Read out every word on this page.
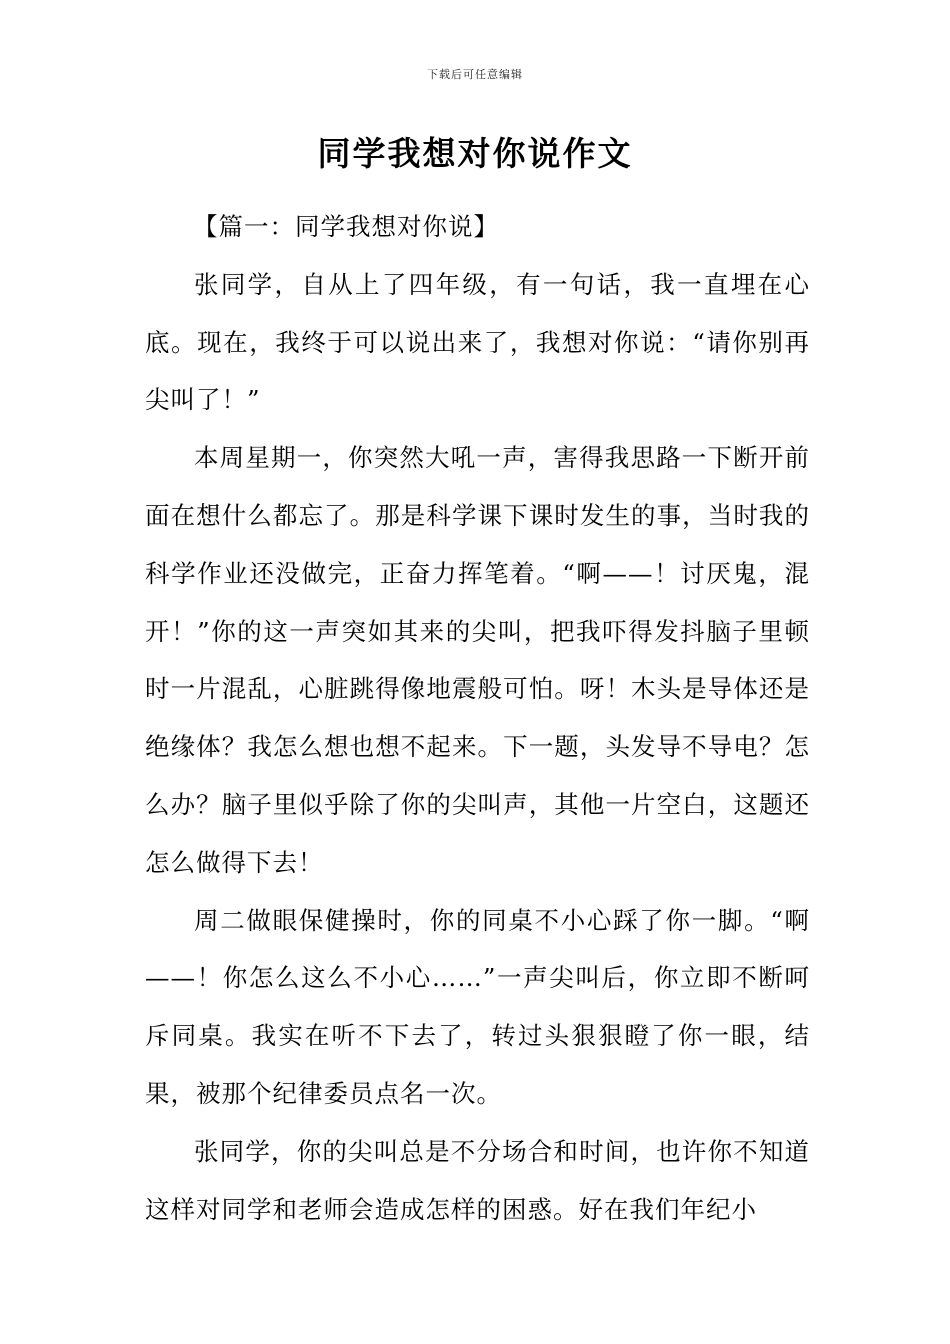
下载后可任意编辑
同学我想对你说作文

【篇一：同学我想对你说】

张同学，自从上了四年级，有一句话，我一直埋在心底。现在，我终于可以说出来了，我想对你说：“请你别再尖叫了！”

本周星期一，你突然大吼一声，害得我思路一下断开前面在想什么都忘了。那是科学课下课时发生的事，当时我的科学作业还没做完，正奋力挥笔着。“啊——！讨厌鬼，混开！”你的这一声突如其来的尖叫，把我吓得发抖脑子里顿时一片混乱，心脏跳得像地震般可怕。呀！木头是导体还是绝缘体？我怎么想也想不起来。下一题，头发导不导电？怎么办？脑子里似乎除了你的尖叫声，其他一片空白，这题还怎么做得下去！

周二做眼保健操时，你的同桌不小心踩了你一脚。“啊——！你怎么这么不小心……”一声尖叫后，你立即不断呵斥同桌。我实在听不下去了，转过头狠狠瞪了你一眼，结果，被那个纪律委员点名一次。

张同学，你的尖叫总是不分场合和时间，也许你不知道这样对同学和老师会造成怎样的困惑。好在我们年纪小
